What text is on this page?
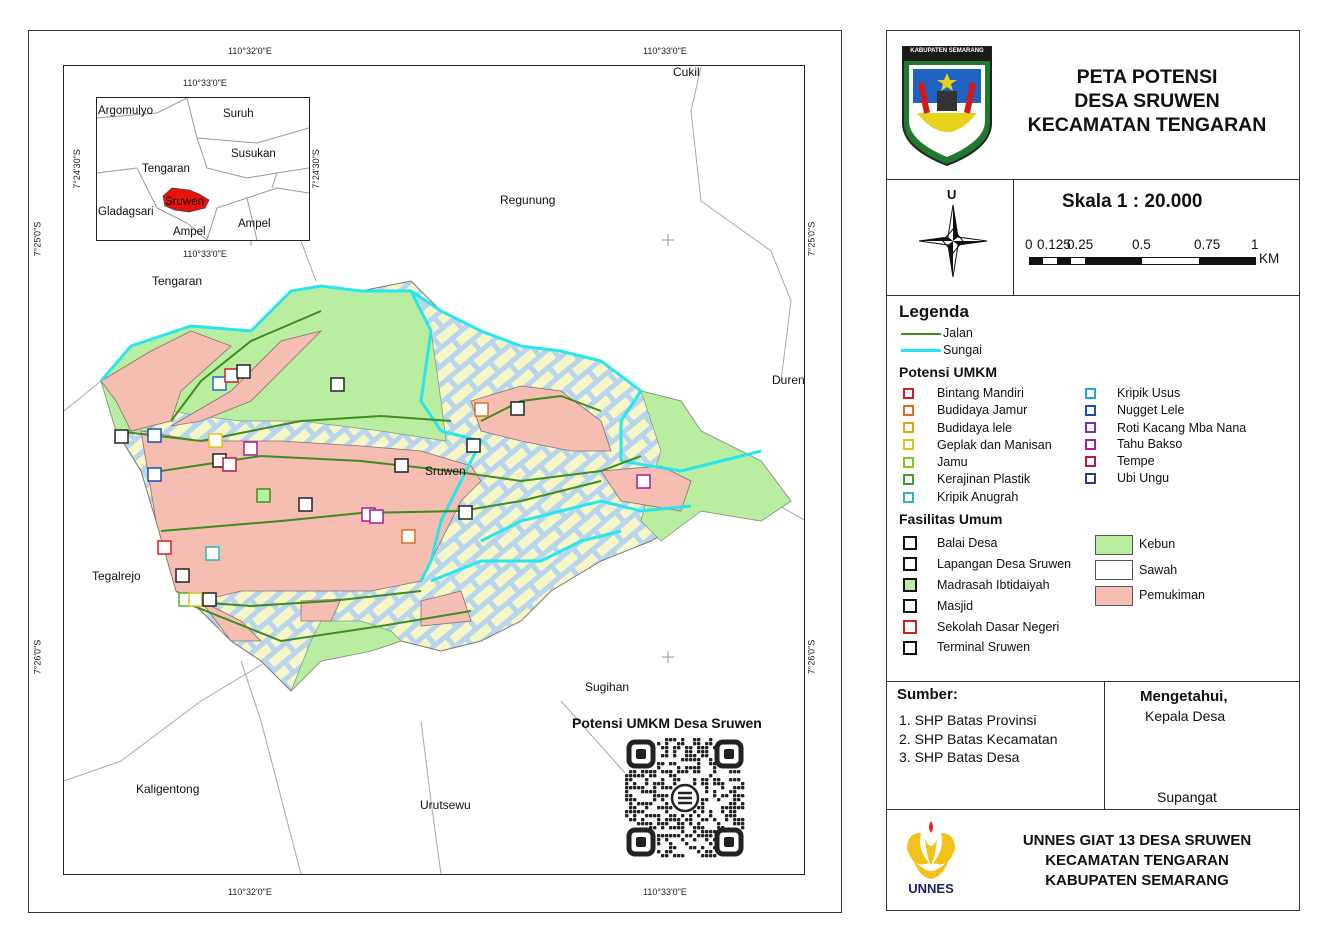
110°32'0"E	110°33'0"E
110°32'0"E	110°33'0"E
7°25'0"S
7°26'0"S
7°25'0"S
7°26'0"S
Argomulyo	Suruh
Susukan
Tengaran
Sruwen
Gladagsari
Ampel
Ampel
110°33'0"E
110°33'0"E
7°24'30"S	7°24'30"S
Cukil
Regunung
Tengaran
Duren
Sruwen
Tegalrejo
Sugihan
Kaligentong
Urutsewu
Potensi UMKM Desa Sruwen
KABUPATEN SEMARANG
PETA POTENSI
DESA SRUWEN
KECAMATAN TENGARAN
U	Skala 1 : 20.000
0 0.125
0.25	0.5	0.75 1
KM
Legenda
Jalan
Sungai
Potensi UMKM
Bintang Mandiri
Budidaya Jamur
Budidaya lele
Geplak dan Manisan
Jamu
Kerajinan Plastik
Kripik Anugrah
Kripik Usus
Nugget Lele
Roti Kacang Mba Nana
Tahu Bakso
Tempe
Ubi Ungu
Fasilitas Umum
Balai Desa
Lapangan Desa Sruwen
Madrasah Ibtidaiyah
Masjid
Sekolah Dasar Negeri
Terminal Sruwen
Kebun
Sawah
Pemukiman
Sumber:
1. SHP Batas Provinsi
2. SHP Batas Kecamatan
3. SHP Batas Desa
Mengetahui,
Kepala Desa
Supangat
UNNES
UNNES GIAT 13 DESA SRUWEN
KECAMATAN TENGARAN
KABUPATEN SEMARANG
